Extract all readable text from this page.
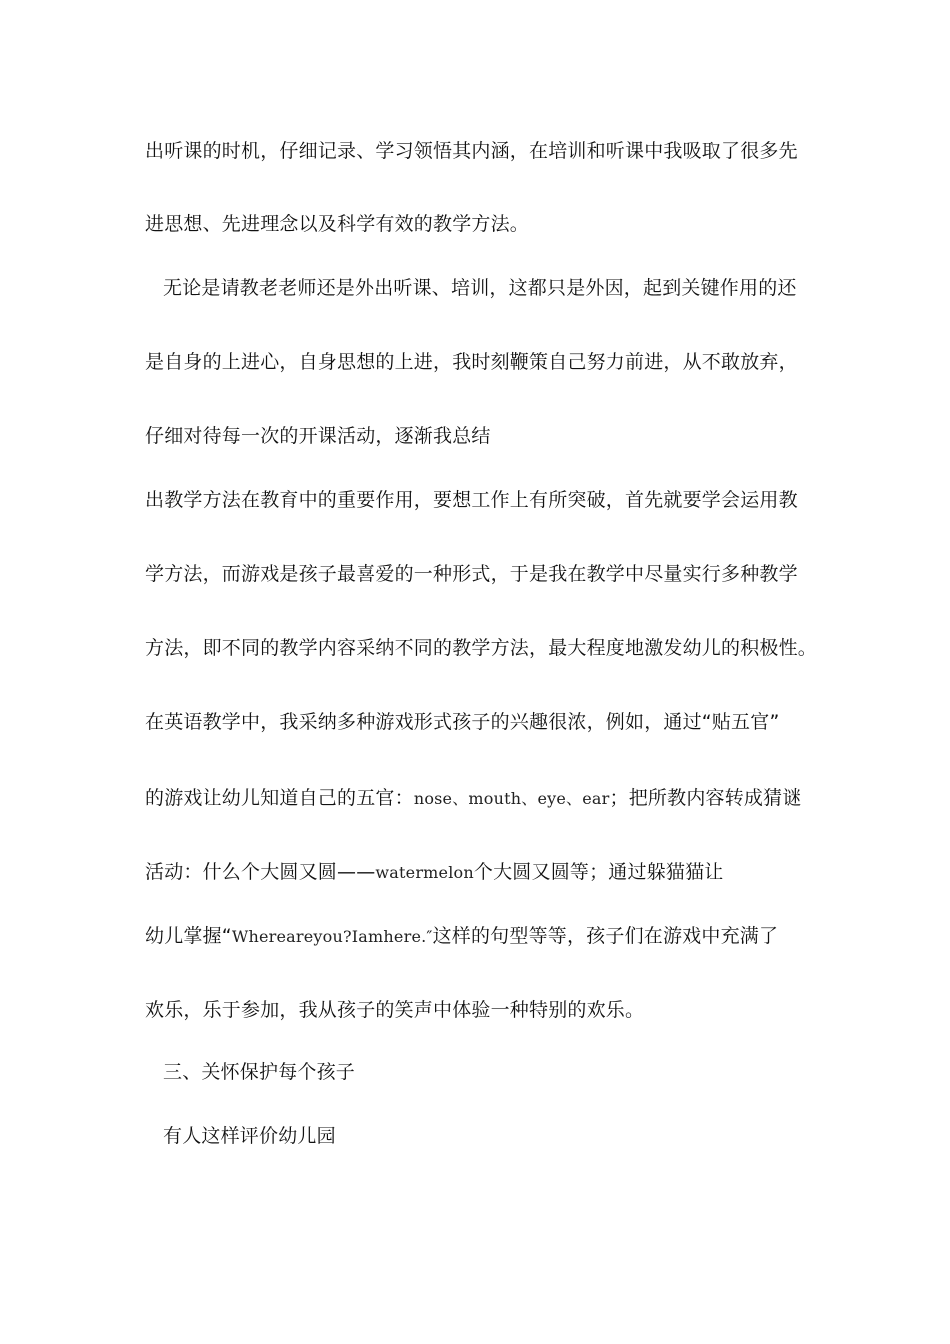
出听课的时机，仔细记录、学习领悟其内涵，在培训和听课中我吸取了很多先
进思想、先进理念以及科学有效的教学方法。
无论是请教老老师还是外出听课、培训，这都只是外因，起到关键作用的还
是自身的上进心，自身思想的上进，我时刻鞭策自己努力前进，从不敢放弃，
仔细对待每一次的开课活动，逐渐我总结
出教学方法在教育中的重要作用，要想工作上有所突破，首先就要学会运用教
学方法，而游戏是孩子最喜爱的一种形式，于是我在教学中尽量实行多种教学
方法，即不同的教学内容采纳不同的教学方法，最大程度地激发幼儿的积极性。
在英语教学中，我采纳多种游戏形式孩子的兴趣很浓，例如，通过“贴五官”
的游戏让幼儿知道自己的五官：nose、mouth、eye、ear；把所教内容转成猜谜
活动：什么个大圆又圆——watermelon个大圆又圆等；通过躲猫猫让
幼儿掌握“Whereareyou?Iamhere.″这样的句型等等，孩子们在游戏中充满了
欢乐，乐于参加，我从孩子的笑声中体验一种特别的欢乐。
三、关怀保护每个孩子
有人这样评价幼儿园
